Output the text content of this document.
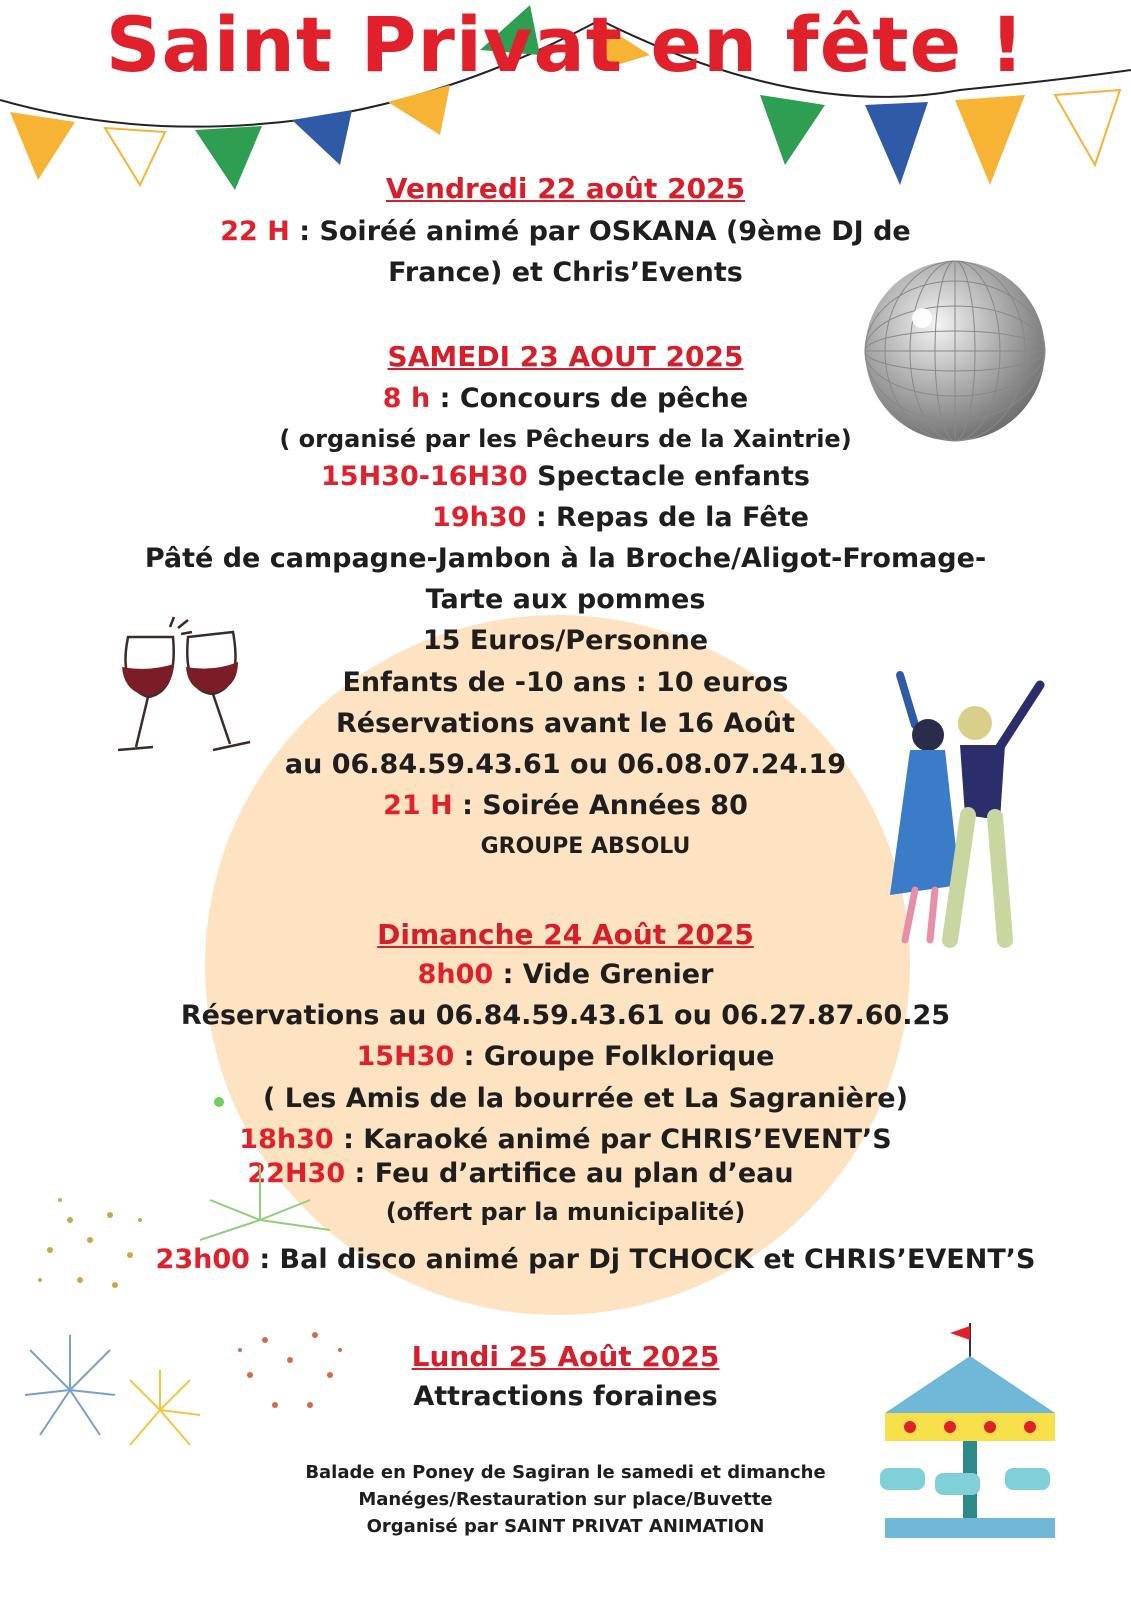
Saint Privat en fête !
Vendredi 22 août 2025
22 H : Soiréé animé par OSKANA (9ème DJ de
France) et Chris’Events
SAMEDI 23 AOUT 2025
8 h : Concours de pêche
( organisé par les Pêcheurs de la Xaintrie)
15H30-16H30 Spectacle enfants
19h30 : Repas de la Fête
Pâté de campagne-Jambon à la Broche/Aligot-Fromage-
Tarte aux pommes
15 Euros/Personne
Enfants de -10 ans : 10 euros
Réservations avant le 16 Août
au 06.84.59.43.61 ou 06.08.07.24.19
21 H : Soirée Années 80
GROUPE ABSOLU
Dimanche 24 Août 2025
8h00 : Vide Grenier
Réservations au 06.84.59.43.61 ou 06.27.87.60.25
15H30 : Groupe Folklorique
( Les Amis de la bourrée et La Sagranière)
18h30 : Karaoké animé par CHRIS’EVENT’S
22H30 : Feu d’artifice au plan d’eau
(offert par la municipalité)
23h00 : Bal disco animé par Dj TCHOCK et CHRIS’EVENT’S
Lundi 25 Août 2025
Attractions foraines
Balade en Poney de Sagiran le samedi et dimanche
Manéges/Restauration sur place/Buvette
Organisé par SAINT PRIVAT ANIMATION
